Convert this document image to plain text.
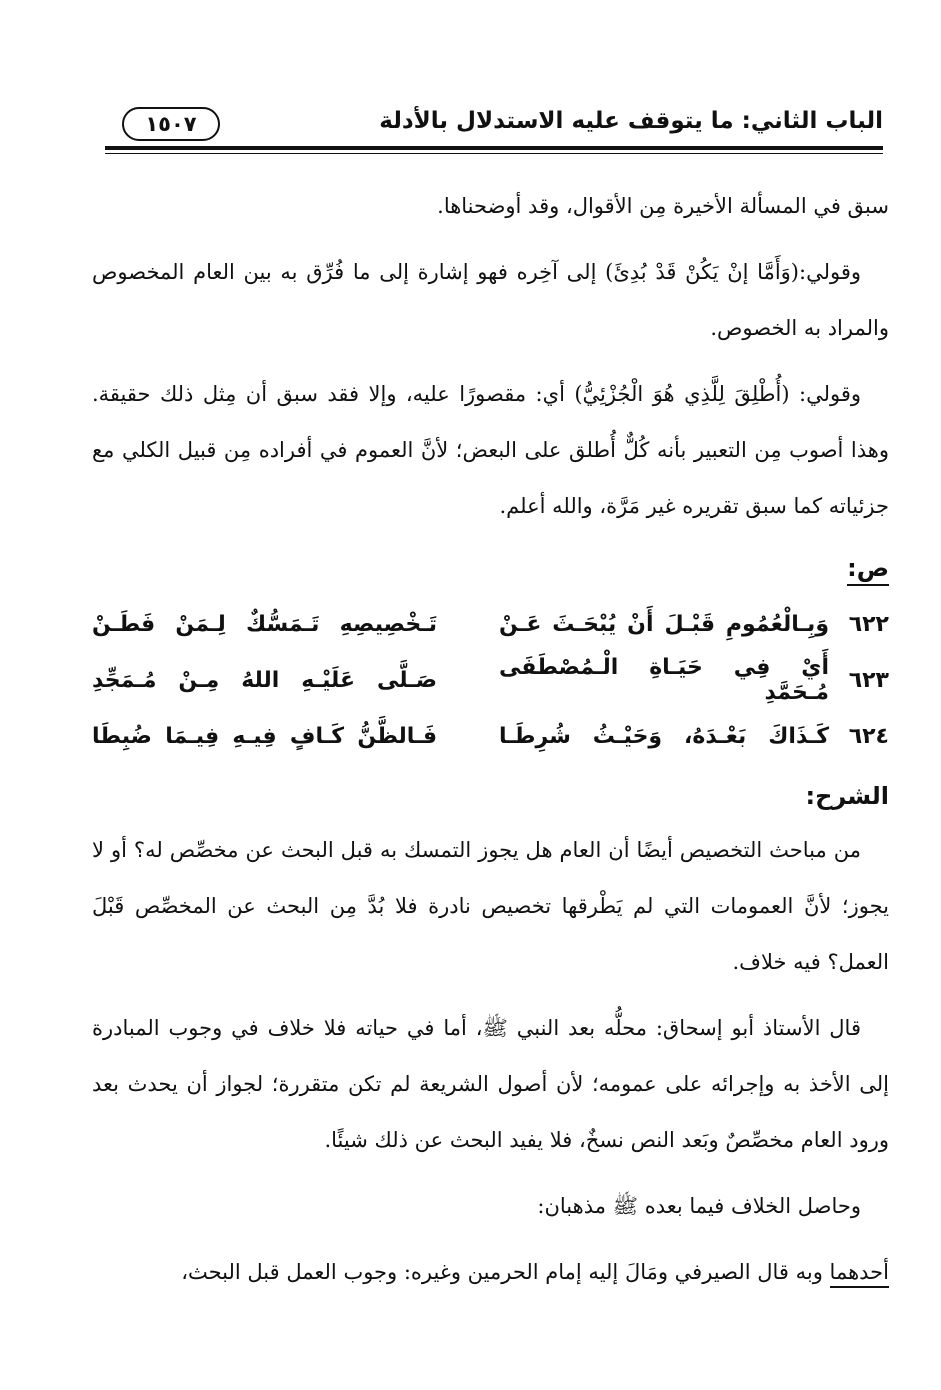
الباب الثاني: ما يتوقف عليه الاستدلال بالأدلة
١٥٠٧

سبق في المسألة الأخيرة مِن الأقوال، وقد أوضحناها.

وقولي:(وَأَمَّا إنْ يَكُنْ قَدْ بُدِئَ) إلى آخِره فهو إشارة إلى ما فُرِّق به بين العام المخصوص والمراد به الخصوص.

وقولي: (أُطْلِقَ لِلَّذِي هُوَ الْجُزْئِيُّ) أي: مقصورًا عليه، وإلا فقد سبق أن مِثل ذلك حقيقة. وهذا أصوب مِن التعبير بأنه كُلٌّ أُطلق على البعض؛ لأنَّ العموم في أفراده مِن قبيل الكلي مع جزئياته كما سبق تقريره غير مَرَّة، والله أعلم.

ص:
٦٢٢
وَبِـالْعُمُومِ قَبْـلَ أَنْ يُبْحَـثَ عَـنْ
تَـخْصِيصِهِ تَـمَسُّكٌ لِـمَنْ فَطَـنْ
٦٢٣
أَيْ فِي حَيَـاةِ الْـمُصْطَفَى مُـحَمَّدِ
صَـلَّى عَلَيْـهِ اللهُ مِـنْ مُـمَجِّدِ
٦٢٤
كَـذَاكَ بَعْـدَهُ، وَحَيْـثُ شُرِطَـا
فَـالظَّنُّ كَـافٍ فِيـهِ فِيـمَا ضُبِطَا
الشرح:

من مباحث التخصيص أيضًا أن العام هل يجوز التمسك به قبل البحث عن مخصِّص له؟ أو لا يجوز؛ لأنَّ العمومات التي لم يَطْرقها تخصيص نادرة فلا بُدَّ مِن البحث عن المخصِّص قَبْلَ العمل؟ فيه خلاف.

قال الأستاذ أبو إسحاق: محلُّه بعد النبي ﷺ، أما في حياته فلا خلاف في وجوب المبادرة إلى الأخذ به وإجرائه على عمومه؛ لأن أصول الشريعة لم تكن متقررة؛ لجواز أن يحدث بعد ورود العام مخصِّصٌ وبَعد النص نسخٌ، فلا يفيد البحث عن ذلك شيئًا.

وحاصل الخلاف فيما بعده ﷺ مذهبان:

أحدهما وبه قال الصيرفي ومَالَ إليه إمام الحرمين وغيره: وجوب العمل قبل البحث،
